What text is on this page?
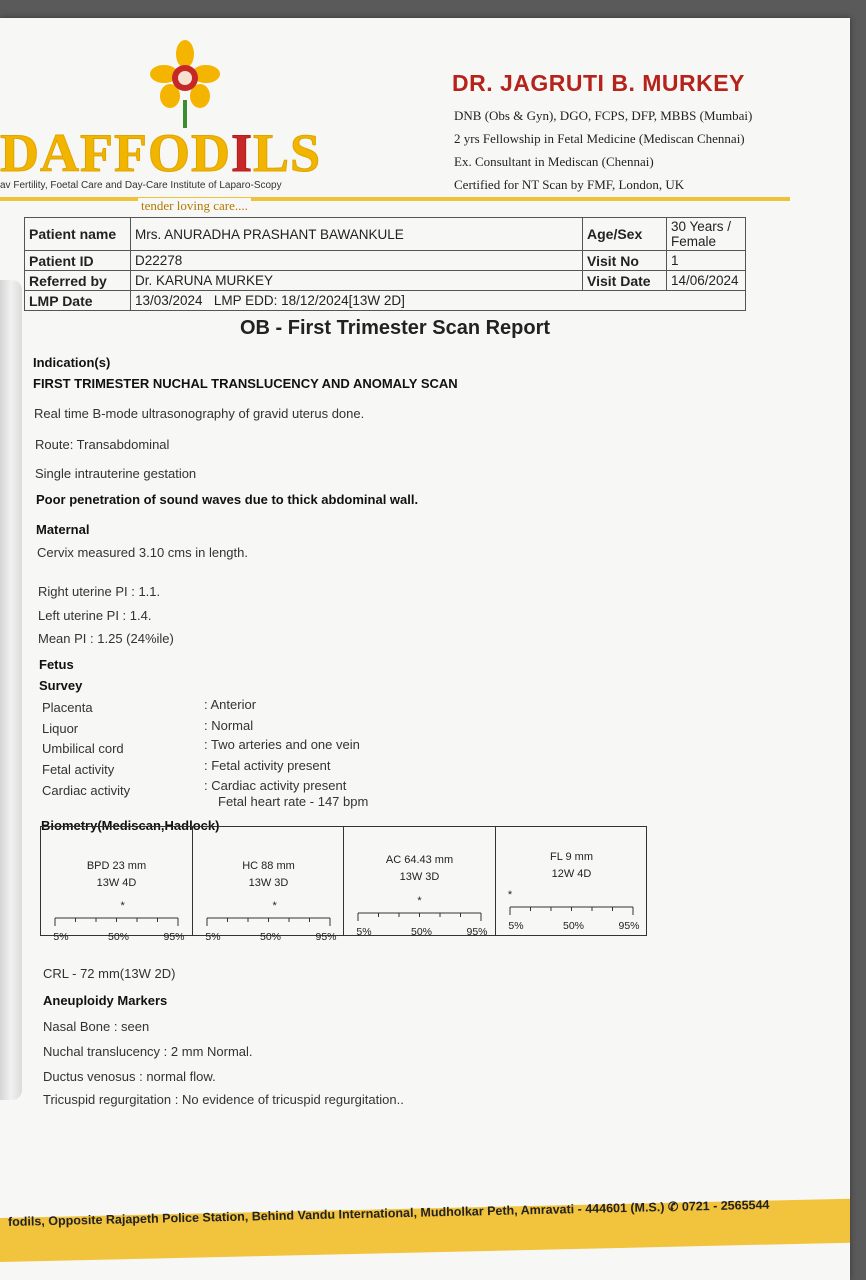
DAFFODILS
av Fertility, Foetal Care and Day-Care Institute of Laparo-Scopy
tender loving care....
DR. JAGRUTI B. MURKEY
DNB (Obs & Gyn), DGO, FCPS, DFP, MBBS (Mumbai)
2 yrs Fellowship in Fetal Medicine (Mediscan Chennai)
Ex. Consultant in Mediscan (Chennai)
Certified for NT Scan by FMF, London, UK
Patient name	Mrs. ANURADHA PRASHANT BAWANKULE	Age/Sex	30 Years / Female
Patient ID	D22278	Visit No	1
Referred by	Dr. KARUNA MURKEY	Visit Date	14/06/2024
LMP Date	13/03/2024   LMP EDD: 18/12/2024[13W 2D]		
OB - First Trimester Scan Report
Indication(s)
FIRST TRIMESTER NUCHAL TRANSLUCENCY AND ANOMALY SCAN
Real time B-mode ultrasonography of gravid uterus done.
Route: Transabdominal
Single intrauterine gestation
Poor penetration of sound waves due to thick abdominal wall.
Maternal
Cervix measured 3.10 cms in length.
Right uterine PI : 1.1.
Left uterine PI : 1.4.
Mean PI : 1.25 (24%ile)
Fetus
Survey
Placenta	: Anterior
Liquor	: Normal
Umbilical cord	: Two arteries and one vein
Fetal activity	: Fetal activity present
Cardiac activity	: Cardiac activity present
Fetal heart rate - 147 bpm
Biometry(Mediscan,Hadlock)
BPD 23 mm
13W 4D
*
5%	50%	95%
HC 88 mm
13W 3D
*
5%	50%	95%
AC 64.43 mm
13W 3D
*
5%	50%	95%
FL 9 mm
12W 4D
*
5%	50%	95%
CRL - 72 mm(13W 2D)
Aneuploidy Markers
Nasal Bone : seen
Nuchal translucency : 2 mm Normal.
Ductus venosus : normal flow.
Tricuspid regurgitation : No evidence of tricuspid regurgitation..
fodils, Opposite Rajapeth Police Station, Behind Vandu International, Mudholkar Peth, Amravati - 444601 (M.S.) ✆ 0721 - 2565544
